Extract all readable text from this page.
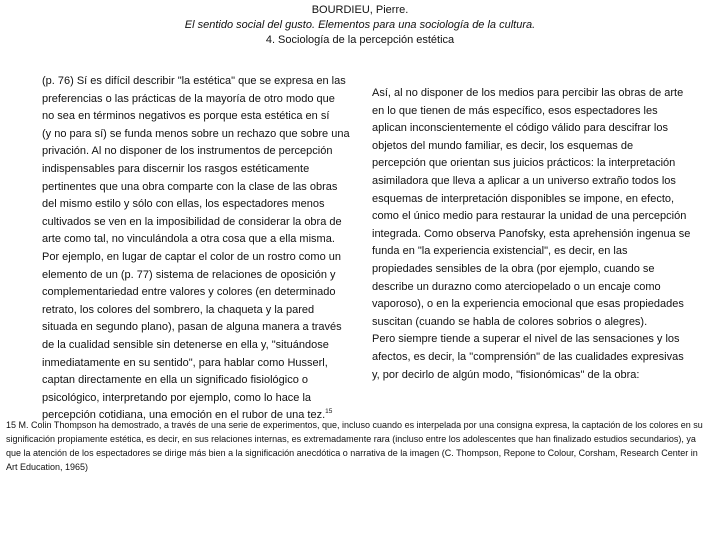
BOURDIEU, Pierre.
El sentido social del gusto. Elementos para una sociología de la cultura.
4. Sociología de la percepción estética
(p. 76) Sí es difícil describir "la estética" que se expresa en las
preferencias o las prácticas de la mayoría de otro modo que
no sea en términos negativos es porque esta estética en sí
(y no para sí) se funda menos sobre un rechazo que sobre una
privación. Al no disponer de los instrumentos de percepción
indispensables para discernir los rasgos estéticamente
pertinentes que una obra comparte con la clase de las obras
del mismo estilo y sólo con ellas, los espectadores menos
cultivados se ven en la imposibilidad de considerar la obra de
arte como tal, no vinculándola a otra cosa que a ella misma.
Por ejemplo, en lugar de captar el color de un rostro como un
elemento de un (p. 77) sistema de relaciones de oposición y
complementariedad entre valores y colores (en determinado
retrato, los colores del sombrero, la chaqueta y la pared
situada en segundo plano), pasan de alguna manera a través
de la cualidad sensible sin detenerse en ella y, "situándose
inmediatamente en su sentido", para hablar como Husserl,
captan directamente en ella un significado fisiológico o
psicológico, interpretando por ejemplo, como lo hace la
percepción cotidiana, una emoción en el rubor de una tez.$^{15}$
Así, al no disponer de los medios para percibir las obras de arte
en lo que tienen de más específico, esos espectadores les
aplican inconscientemente el código válido para descifrar los
objetos del mundo familiar, es decir, los esquemas de
percepción que orientan sus juicios prácticos: la interpretación
asimiladora que lleva a aplicar a un universo extraño todos los
esquemas de interpretación disponibles se impone, en efecto,
como el único medio para restaurar la unidad de una percepción
integrada. Como observa Panofsky, esta aprehensión ingenua se
funda en "la experiencia existencial", es decir, en las
propiedades sensibles de la obra (por ejemplo, cuando se
describe un durazno como aterciopelado o un encaje como
vaporoso), o en la experiencia emocional que esas propiedades
suscitan (cuando se habla de colores sobrios o alegres).
Pero siempre tiende a superar el nivel de las sensaciones y los
afectos, es decir, la "comprensión" de las cualidades expresivas
y, por decirlo de algún modo, "fisionómicas" de la obra:
15 M. Colin Thompson ha demostrado, a través de una serie de experimentos, que, incluso cuando es interpelada por una consigna expresa, la captación de los colores en su
significación propiamente estética, es decir, en sus relaciones internas, es extremadamente rara (incluso entre los adolescentes que han finalizado estudios secundarios), ya
que la atención de los espectadores se dirige más bien a la significación anecdótica o narrativa de la imagen (C. Thompson, Repone to Colour, Corsham, Research Center in
Art Education, 1965)
